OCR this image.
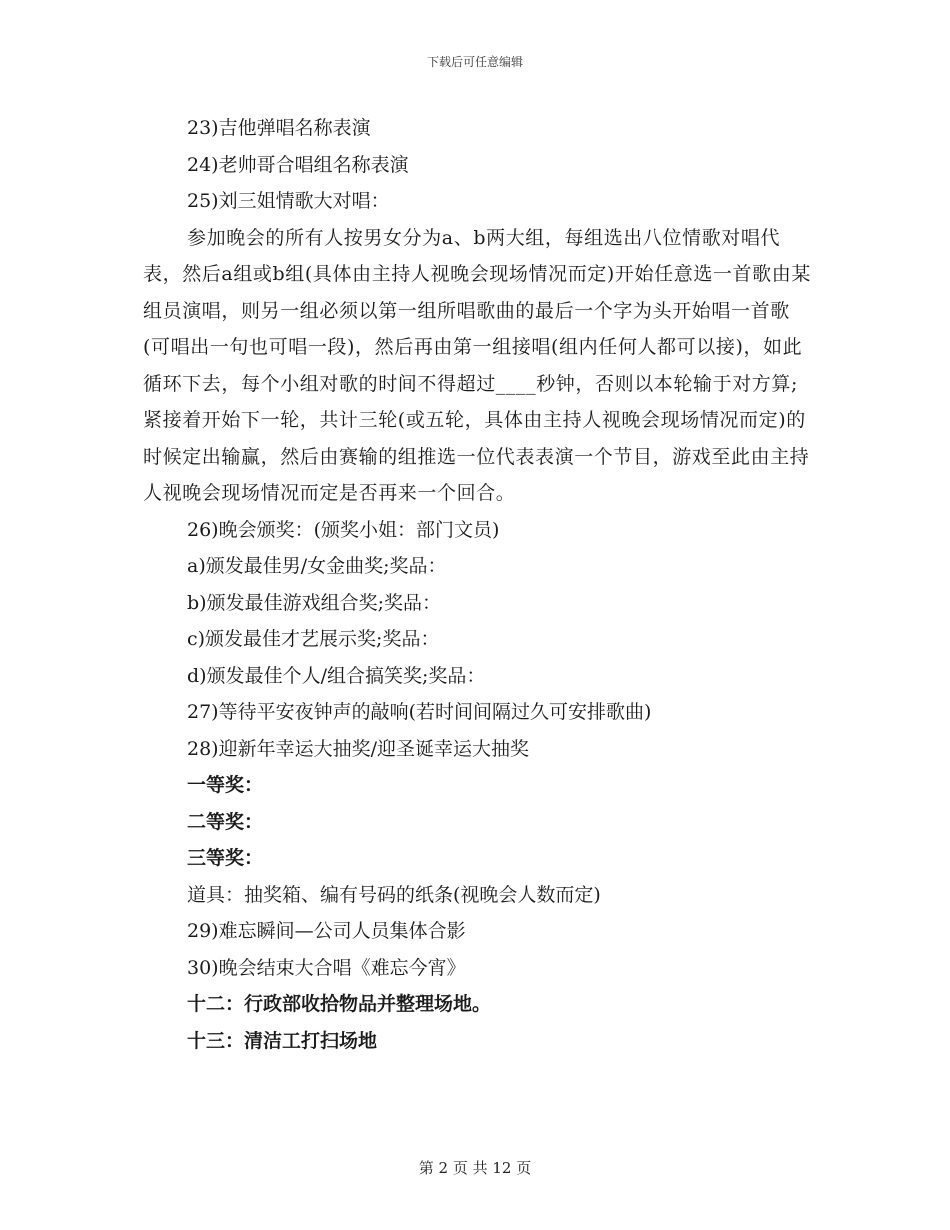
下载后可任意编辑
23)吉他弹唱名称表演
24)老帅哥合唱组名称表演
25)刘三姐情歌大对唱：

参加晚会的所有人按男女分为a、b两大组，每组选出八位情歌对唱代表，然后a组或b组(具体由主持人视晚会现场情况而定)开始任意选一首歌由某组员演唱，则另一组必须以第一组所唱歌曲的最后一个字为头开始唱一首歌(可唱出一句也可唱一段)，然后再由第一组接唱(组内任何人都可以接)，如此循环下去，每个小组对歌的时间不得超过____秒钟，否则以本轮输于对方算;紧接着开始下一轮，共计三轮(或五轮，具体由主持人视晚会现场情况而定)的时候定出输赢，然后由赛输的组推选一位代表表演一个节目，游戏至此由主持人视晚会现场情况而定是否再来一个回合。

26)晚会颁奖：(颁奖小姐：部门文员)
a)颁发最佳男/女金曲奖;奖品：
b)颁发最佳游戏组合奖;奖品：
c)颁发最佳才艺展示奖;奖品：
d)颁发最佳个人/组合搞笑奖;奖品：
27)等待平安夜钟声的敲响(若时间间隔过久可安排歌曲)
28)迎新年幸运大抽奖/迎圣诞幸运大抽奖
一等奖：
二等奖：
三等奖：
道具：抽奖箱、编有号码的纸条(视晚会人数而定)
29)难忘瞬间—公司人员集体合影
30)晚会结束大合唱《难忘今宵》
十二：行政部收拾物品并整理场地。
十三：清洁工打扫场地
第 2 页 共 12 页
